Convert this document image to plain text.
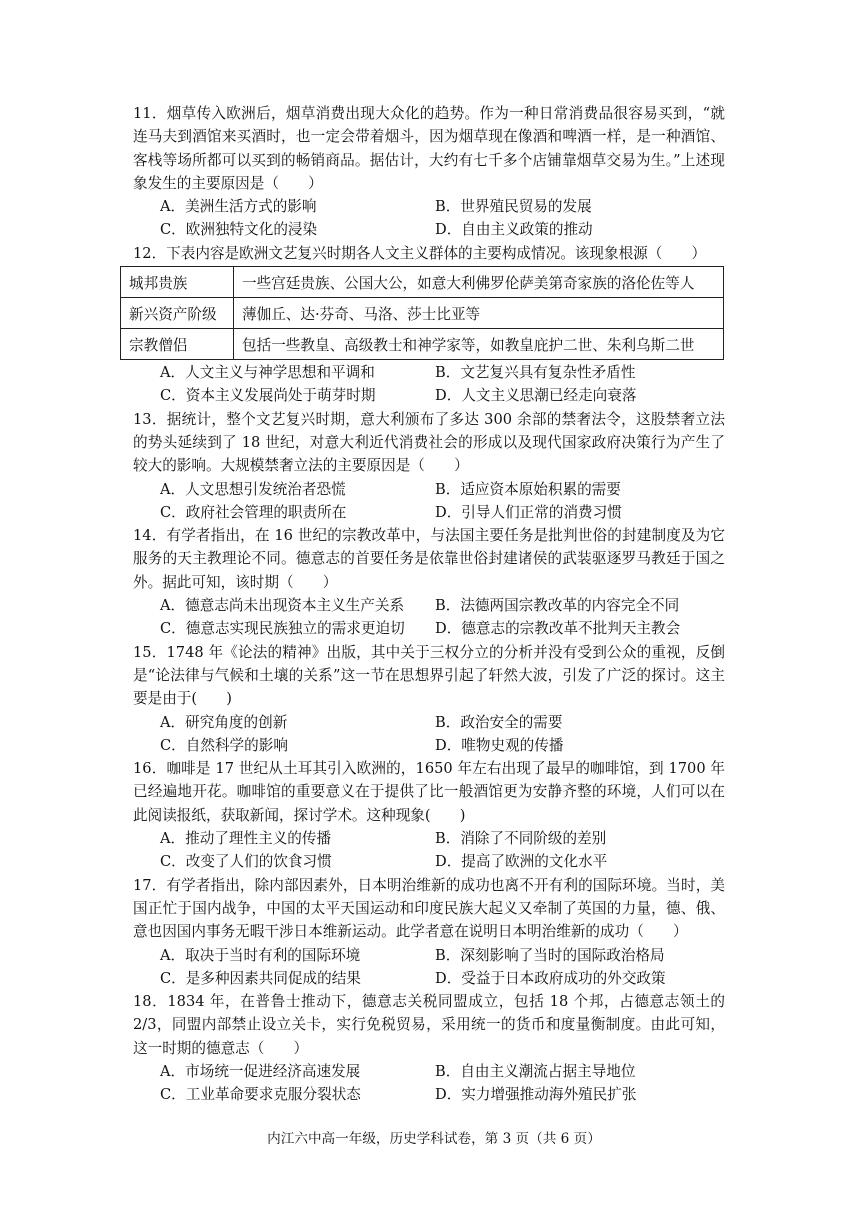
11．烟草传入欧洲后，烟草消费出现大众化的趋势。作为一种日常消费品很容易买到，“就连马夫到酒馆来买酒时，也一定会带着烟斗，因为烟草现在像酒和啤酒一样，是一种酒馆、客栈等场所都可以买到的畅销商品。据估计，大约有七千多个店铺靠烟草交易为生。”上述现象发生的主要原因是（　　）

A．美洲生活方式的影响	B．世界殖民贸易的发展
C．欧洲独特文化的浸染	D．自由主义政策的推动

12．下表内容是欧洲文艺复兴时期各人文主义群体的主要构成情况。该现象根源（　　）

城邦贵族	一些宫廷贵族、公国大公，如意大利佛罗伦萨美第奇家族的洛伦佐等人
新兴资产阶级	薄伽丘、达·芬奇、马洛、莎士比亚等
宗教僧侣	包括一些教皇、高级教士和神学家等，如教皇庇护二世、朱利乌斯二世
A．人文主义与神学思想和平调和	B．文艺复兴具有复杂性矛盾性
C．资本主义发展尚处于萌芽时期	D．人文主义思潮已经走向衰落

13．据统计，整个文艺复兴时期，意大利颁布了多达 300 余部的禁奢法令，这股禁奢立法的势头延续到了 18 世纪，对意大利近代消费社会的形成以及现代国家政府决策行为产生了较大的影响。大规模禁奢立法的主要原因是（　　）

A．人文思想引发统治者恐慌	B．适应资本原始积累的需要
C．政府社会管理的职责所在	D．引导人们正常的消费习惯

14．有学者指出，在 16 世纪的宗教改革中，与法国主要任务是批判世俗的封建制度及为它服务的天主教理论不同。德意志的首要任务是依靠世俗封建诸侯的武装驱逐罗马教廷于国之外。据此可知，该时期（　　）

A．德意志尚未出现资本主义生产关系	B．法德两国宗教改革的内容完全不同
C．德意志实现民族独立的需求更迫切	D．德意志的宗教改革不批判天主教会

15．1748 年《论法的精神》出版，其中关于三权分立的分析并没有受到公众的重视，反倒是“论法律与气候和土壤的关系”这一节在思想界引起了轩然大波，引发了广泛的探讨。这主要是由于(　　)

A．研究角度的创新	B．政治安全的需要
C．自然科学的影响	D．唯物史观的传播

16．咖啡是 17 世纪从土耳其引入欧洲的，1650 年左右出现了最早的咖啡馆，到 1700 年已经遍地开花。咖啡馆的重要意义在于提供了比一般酒馆更为安静齐整的环境，人们可以在此阅读报纸，获取新闻，探讨学术。这种现象(　　)

A．推动了理性主义的传播	B．消除了不同阶级的差别
C．改变了人们的饮食习惯	D．提高了欧洲的文化水平

17．有学者指出，除内部因素外，日本明治维新的成功也离不开有利的国际环境。当时，美国正忙于国内战争，中国的太平天国运动和印度民族大起义又牵制了英国的力量，德、俄、意也因国内事务无暇干涉日本维新运动。此学者意在说明日本明治维新的成功（　　）

A．取决于当时有利的国际环境	B．深刻影响了当时的国际政治格局
C．是多种因素共同促成的结果	D．受益于日本政府成功的外交政策

18．1834 年，在普鲁士推动下，德意志关税同盟成立，包括 18 个邦，占德意志领土的 2/3，同盟内部禁止设立关卡，实行免税贸易，采用统一的货币和度量衡制度。由此可知，这一时期的德意志（　　）

A．市场统一促进经济高速发展	B．自由主义潮流占据主导地位
C．工业革命要求克服分裂状态	D．实力增强推动海外殖民扩张
内江六中高一年级，历史学科试卷，第 3 页（共 6 页）
